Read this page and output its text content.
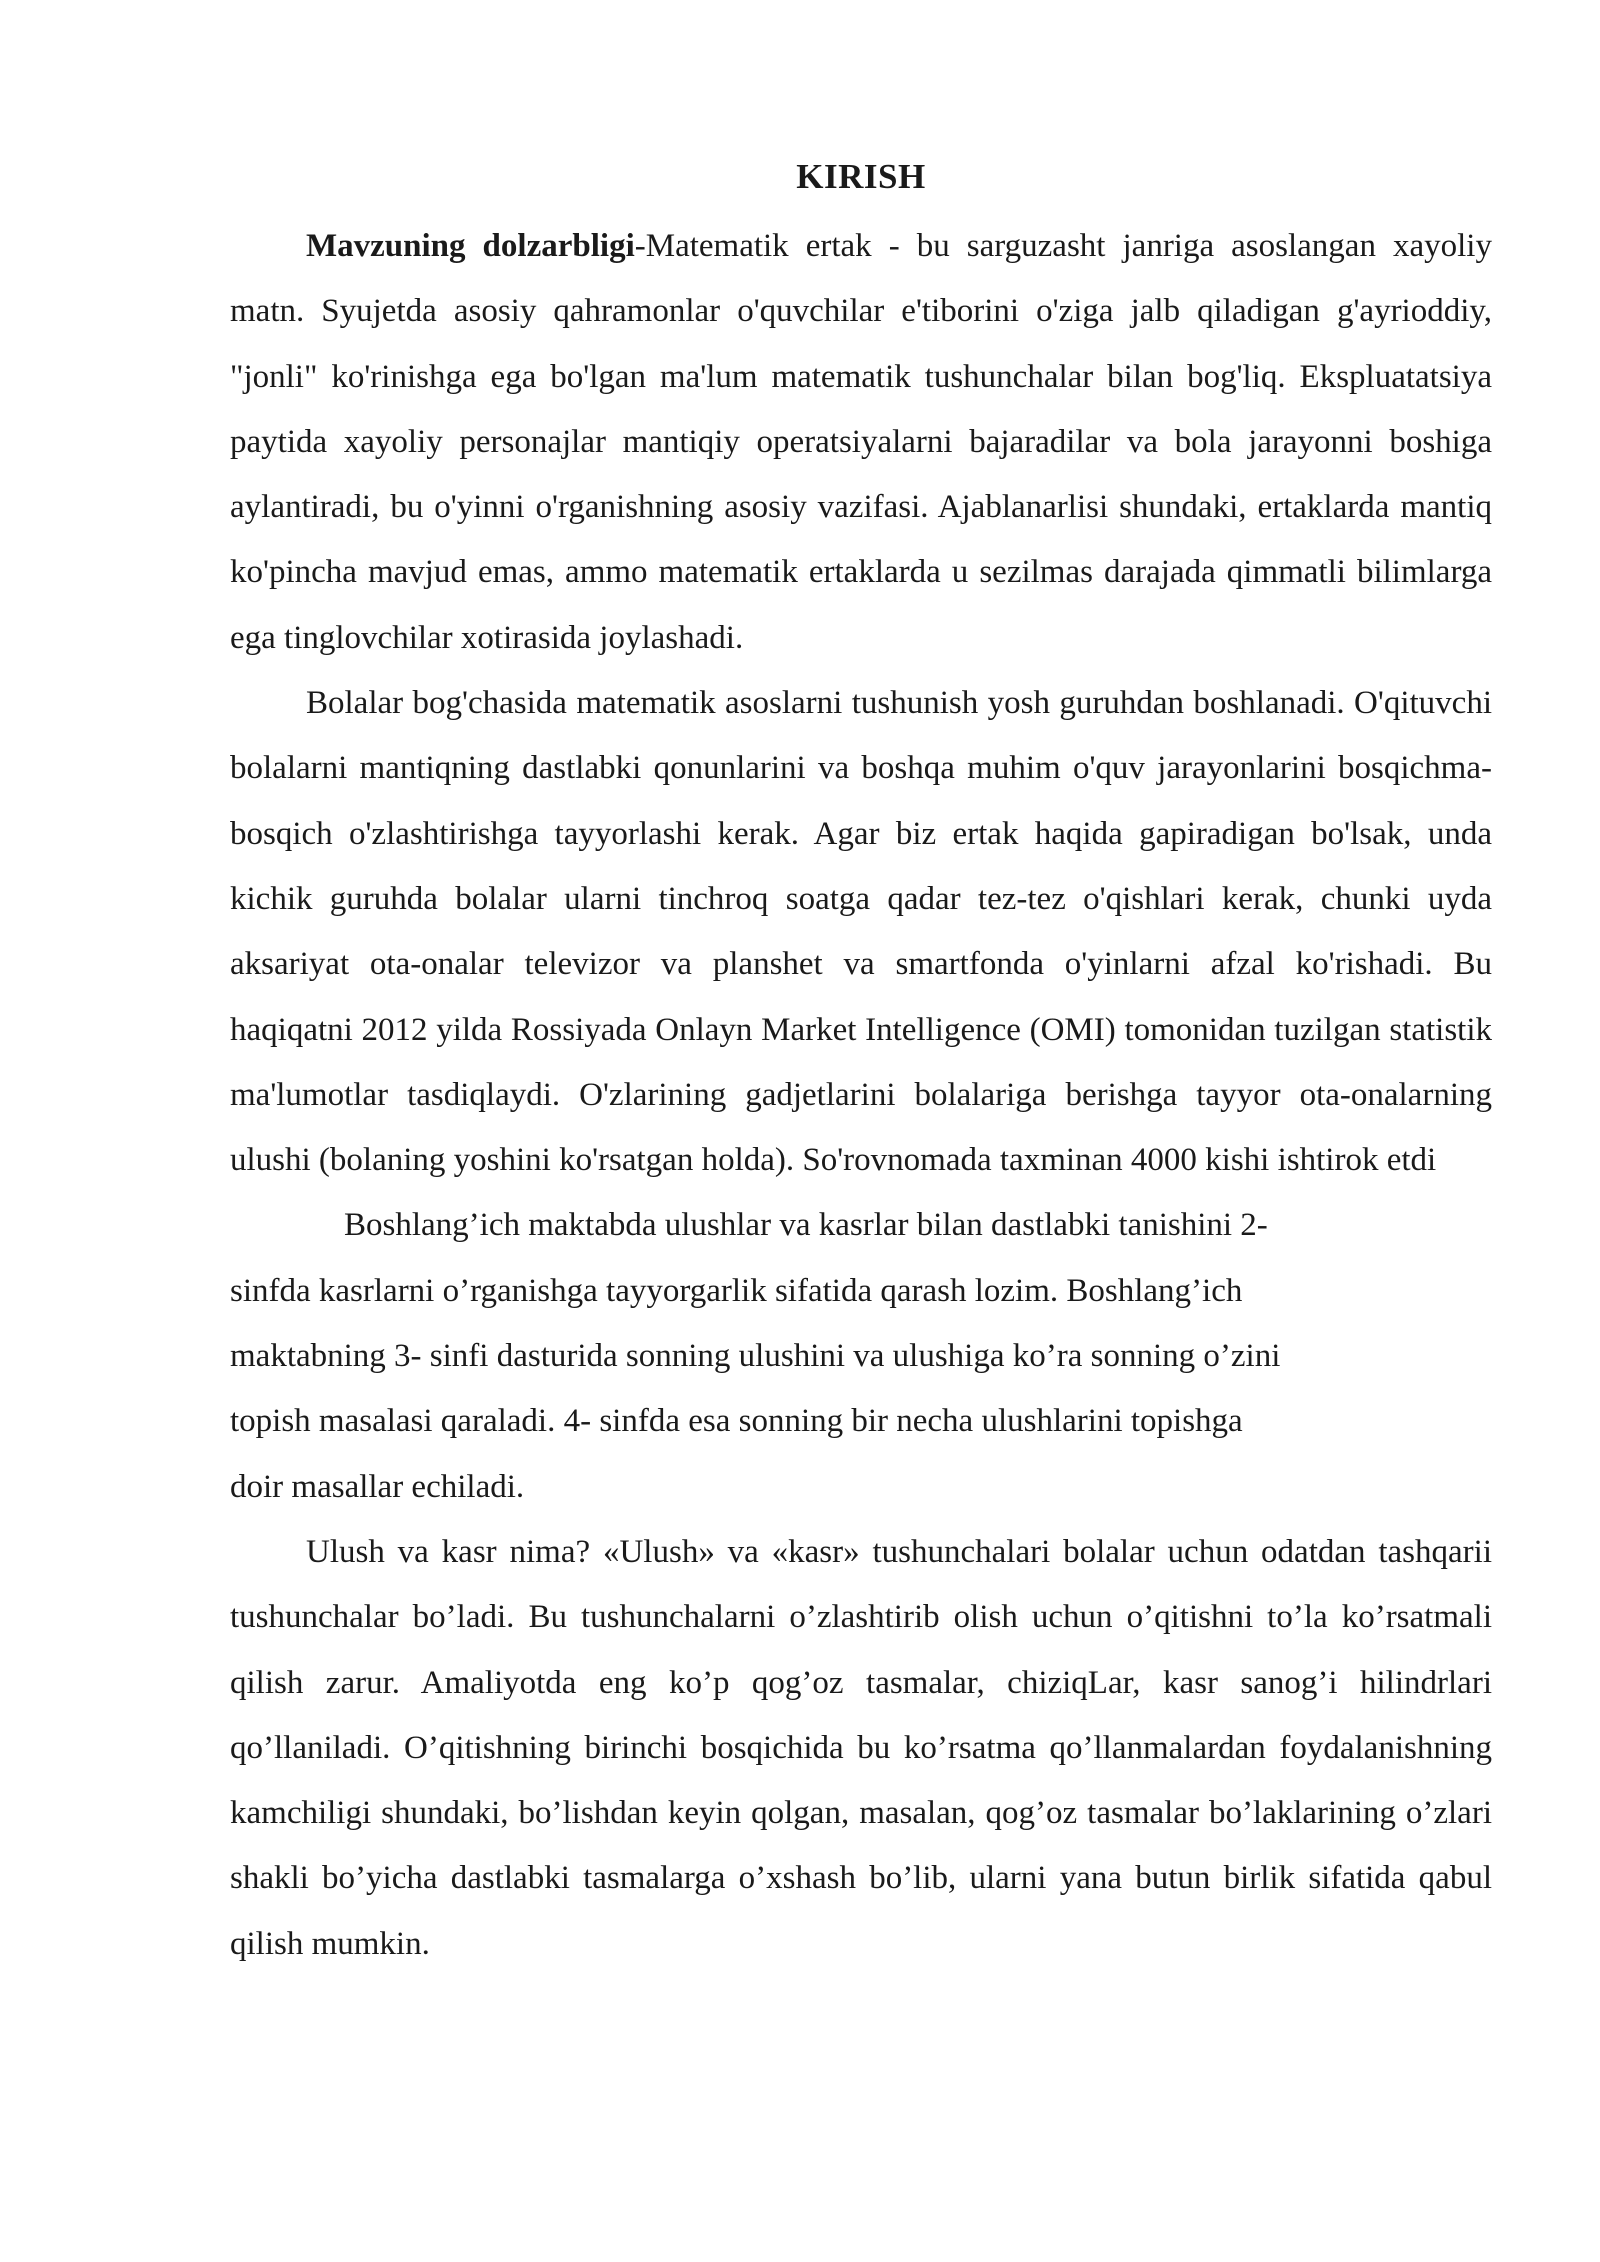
KIRISH

Mavzuning dolzarbligi-Matematik ertak - bu sarguzasht janriga asoslangan xayoliy matn. Syujetda asosiy qahramonlar o'quvchilar e'tiborini o'ziga jalb qiladigan g'ayrioddiy, "jonli" ko'rinishga ega bo'lgan ma'lum matematik tushunchalar bilan bog'liq. Ekspluatatsiya paytida xayoliy personajlar mantiqiy operatsiyalarni bajaradilar va bola jarayonni boshiga aylantiradi, bu o'yinni o'rganishning asosiy vazifasi. Ajablanarlisi shundaki, ertaklarda mantiq ko'pincha mavjud emas, ammo matematik ertaklarda u sezilmas darajada qimmatli bilimlarga ega tinglovchilar xotirasida joylashadi.

Bolalar bog'chasida matematik asoslarni tushunish yosh guruhdan boshlanadi. O'qituvchi bolalarni mantiqning dastlabki qonunlarini va boshqa muhim o'quv jarayonlarini bosqichma-bosqich o'zlashtirishga tayyorlashi kerak. Agar biz ertak haqida gapiradigan bo'lsak, unda kichik guruhda bolalar ularni tinchroq soatga qadar tez-tez o'qishlari kerak, chunki uyda aksariyat ota-onalar televizor va planshet va smartfonda o'yinlarni afzal ko'rishadi. Bu haqiqatni 2012 yilda Rossiyada Onlayn Market Intelligence (OMI) tomonidan tuzilgan statistik ma'lumotlar tasdiqlaydi. O'zlarining gadjetlarini bolalariga berishga tayyor ota-onalarning ulushi (bolaning yoshini ko'rsatgan holda). So'rovnomada taxminan 4000 kishi ishtirok etdi

Boshlang’ich maktabda ulushlar va kasrlar bilan dastlabki tanishini 2-
sinfda kasrlarni o’rganishga tayyorgarlik sifatida qarash lozim. Boshlang’ich
maktabning 3- sinfi dasturida sonning ulushini va ulushiga ko’ra sonning o’zini
topish masalasi qaraladi. 4- sinfda esa sonning bir necha ulushlarini topishga
doir masallar echiladi.

Ulush va kasr nima? «Ulush» va «kasr» tushunchalari bolalar uchun odatdan tashqarii tushunchalar bo’ladi. Bu tushunchalarni o’zlashtirib olish uchun o’qitishni to’la ko’rsatmali qilish zarur. Amaliyotda eng ko’p qog’oz tasmalar, chiziqLar, kasr sanog’i hilindrlari qo’llaniladi. O’qitishning birinchi bosqichida bu ko’rsatma qo’llanmalardan foydalanishning kamchiligi shundaki, bo’lishdan keyin qolgan, masalan, qog’oz tasmalar bo’laklarining o’zlari shakli bo’yicha dastlabki tasmalarga o’xshash bo’lib, ularni yana butun birlik sifatida qabul qilish mumkin.
